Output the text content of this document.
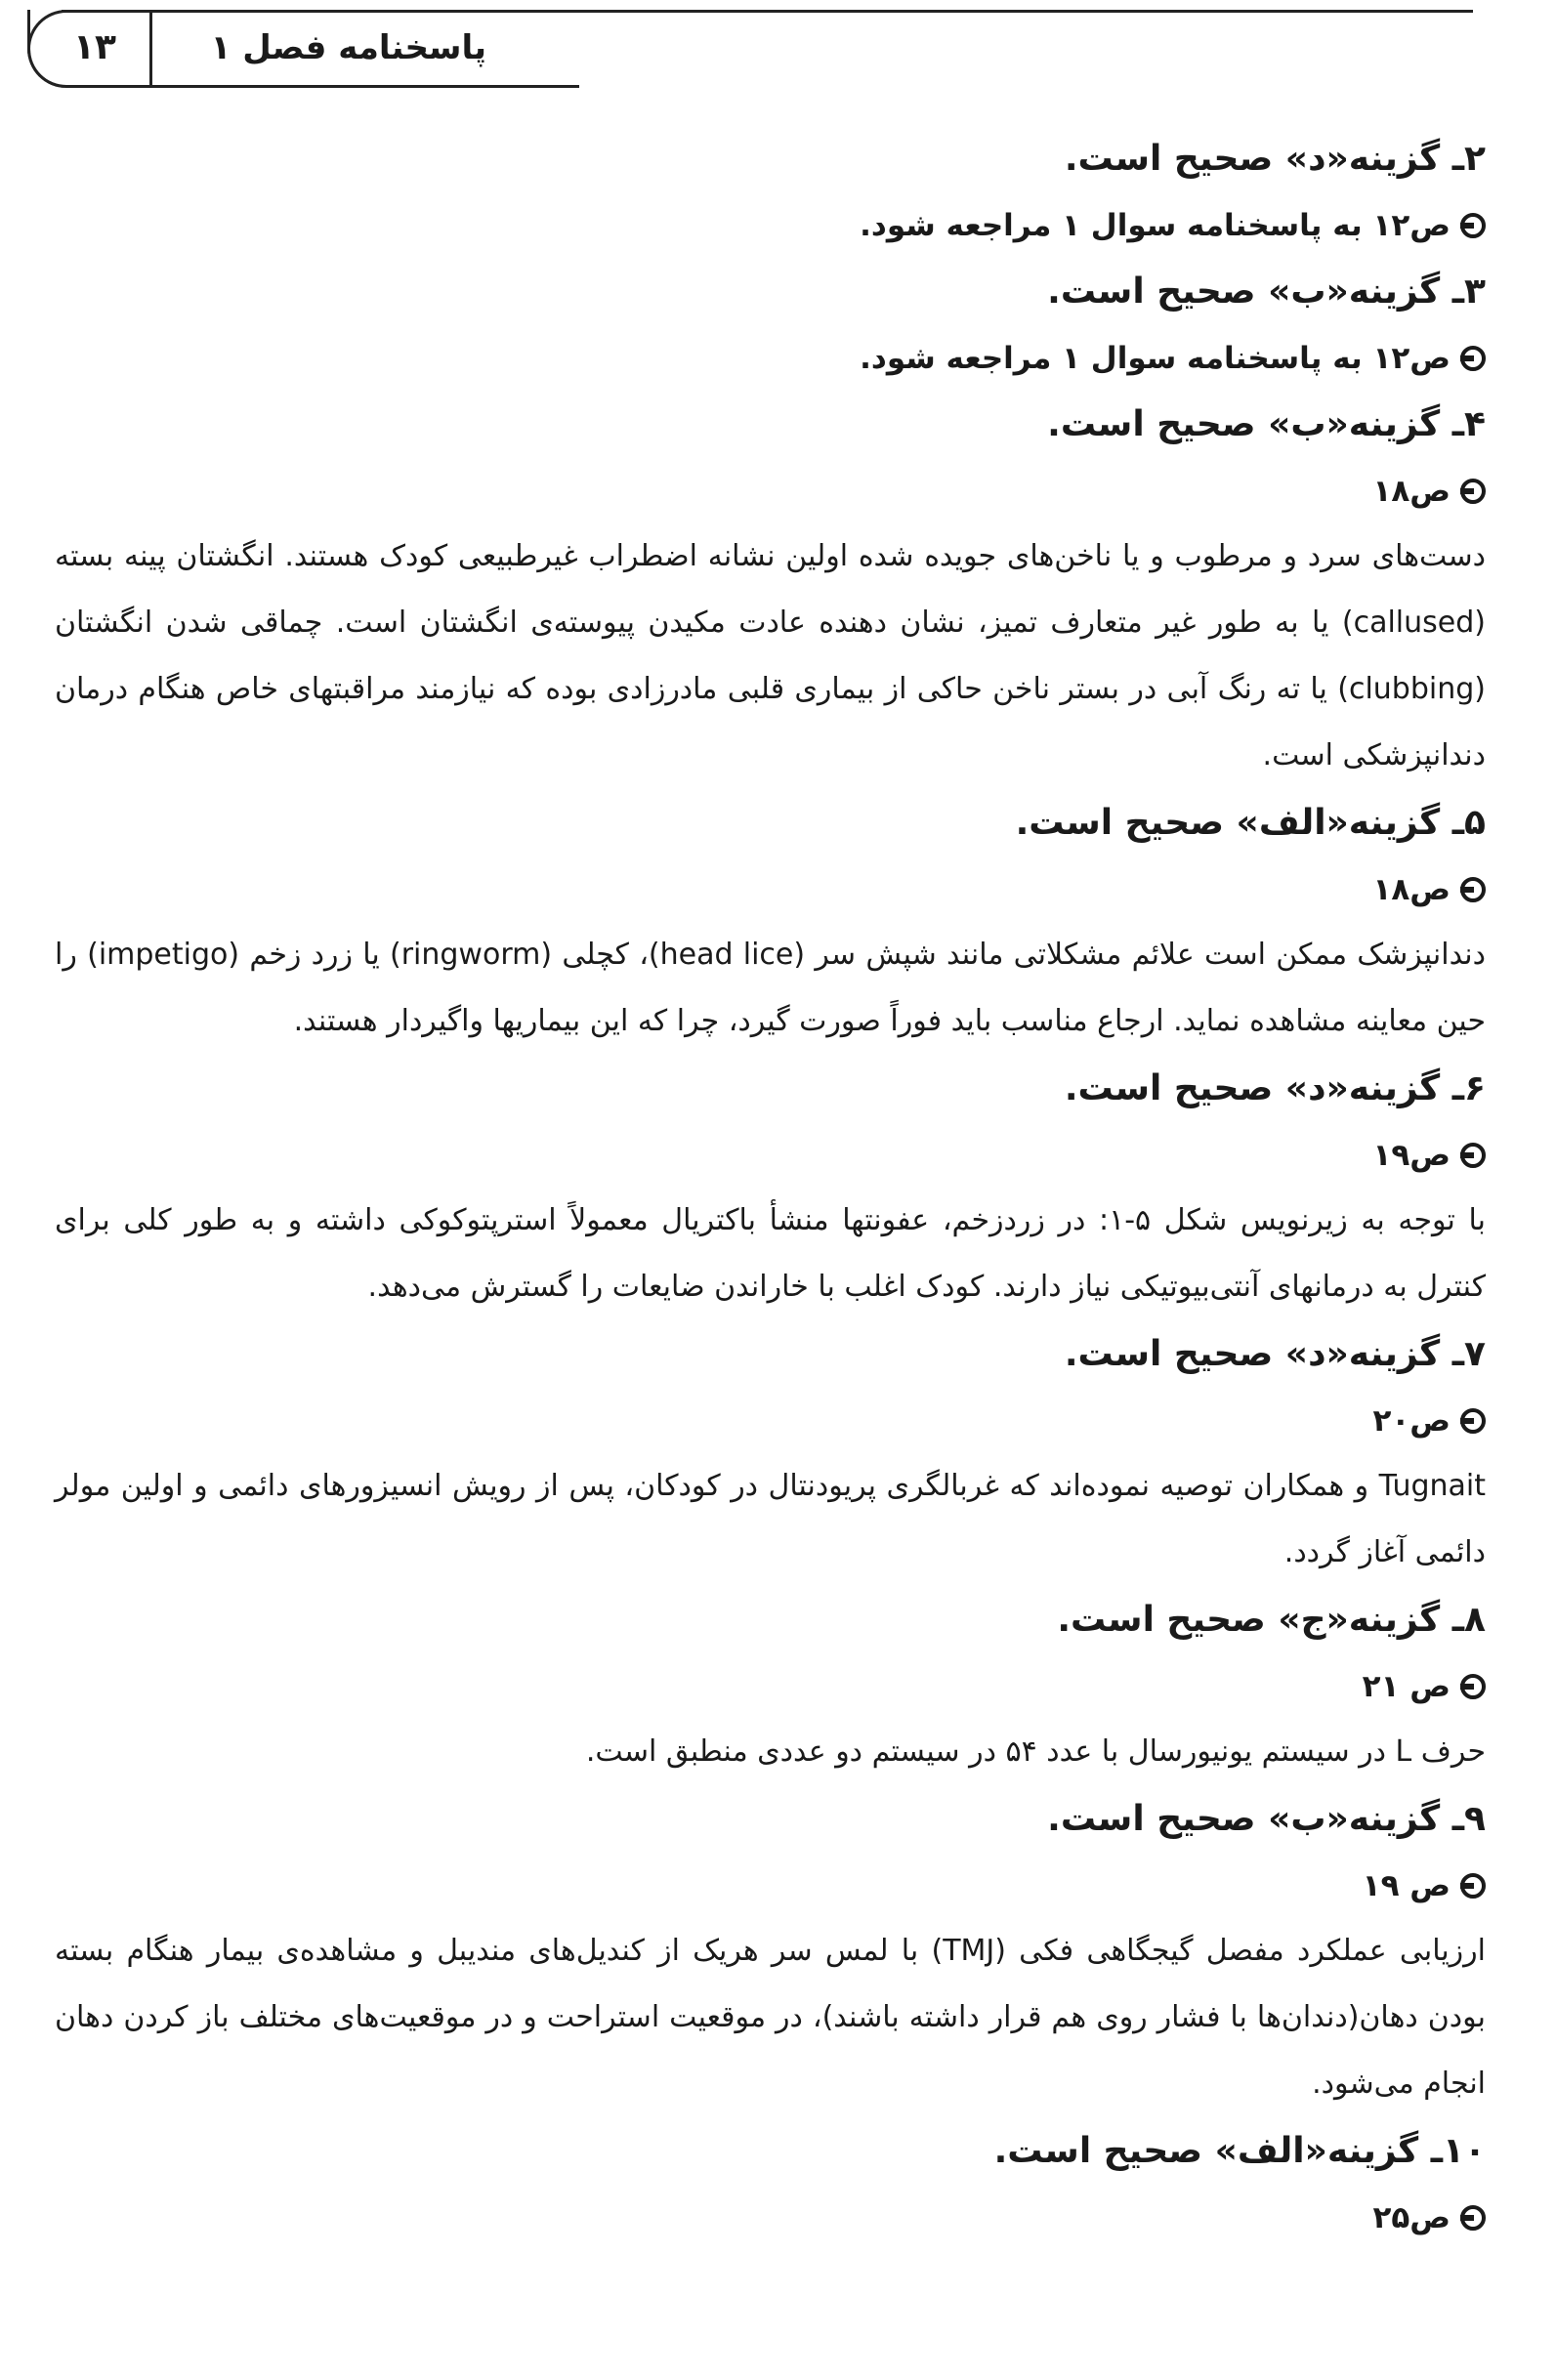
۱۳	پاسخنامه فصل ۱
۲ـ گزینه«د» صحیح است.
ص۱۲ به پاسخنامه سوال ۱ مراجعه شود.
۳ـ گزینه«ب» صحیح است.
ص۱۲ به پاسخنامه سوال ۱ مراجعه شود.
۴ـ گزینه«ب» صحیح است.
ص۱۸
دست‌های سرد و مرطوب و یا ناخن‌های جویده شده اولین نشانه اضطراب غیرطبیعی کودک هستند. انگشتان پینه بسته (callused) یا به طور غیر متعارف تمیز، نشان دهنده عادت مکیدن پیوسته‌ی انگشتان است. چماقی شدن انگشتان (clubbing) یا ته رنگ آبی در بستر ناخن حاکی از بیماری قلبی مادرزادی بوده که نیازمند مراقبتهای خاص هنگام درمان دندانپزشکی است.
۵ـ گزینه«الف» صحیح است.
ص۱۸
دندانپزشک ممکن است علائم مشکلاتی مانند شپش سر (head lice)، کچلی (ringworm) یا زرد زخم (impetigo) را حین معاینه مشاهده نماید. ارجاع مناسب باید فوراً صورت گیرد، چرا که این بیماریها واگیردار هستند.
۶ـ گزینه«د» صحیح است.
ص۱۹
با توجه به زیرنویس شکل ۵-۱: در زردزخم، عفونتها منشأ باکتریال معمولاً استرپتوکوکی داشته و به طور کلی برای کنترل به درمانهای آنتی‌بیوتیکی نیاز دارند. کودک اغلب با خاراندن ضایعات را گسترش می‌دهد.
۷ـ گزینه«د» صحیح است.
ص۲۰
Tugnait و همکاران توصیه نموده‌اند که غربالگری پریودنتال در کودکان، پس از رویش انسیزورهای دائمی و اولین مولر دائمی آغاز گردد.
۸ـ گزینه«ج» صحیح است.
ص ۲۱
حرف L در سیستم یونیورسال با عدد ۵۴ در سیستم دو عددی منطبق است.
۹ـ گزینه«ب» صحیح است.
ص ۱۹
ارزیابی عملکرد مفصل گیجگاهی فکی (TMJ) با لمس سر هریک از کندیل‌های مندیبل و مشاهده‌ی بیمار هنگام بسته بودن دهان(دندان‌ها با فشار روی هم قرار داشته باشند)، در موقعیت استراحت و در موقعیت‌های مختلف باز کردن دهان انجام می‌شود.
۱۰ـ گزینه«الف» صحیح است.
ص۲۵
